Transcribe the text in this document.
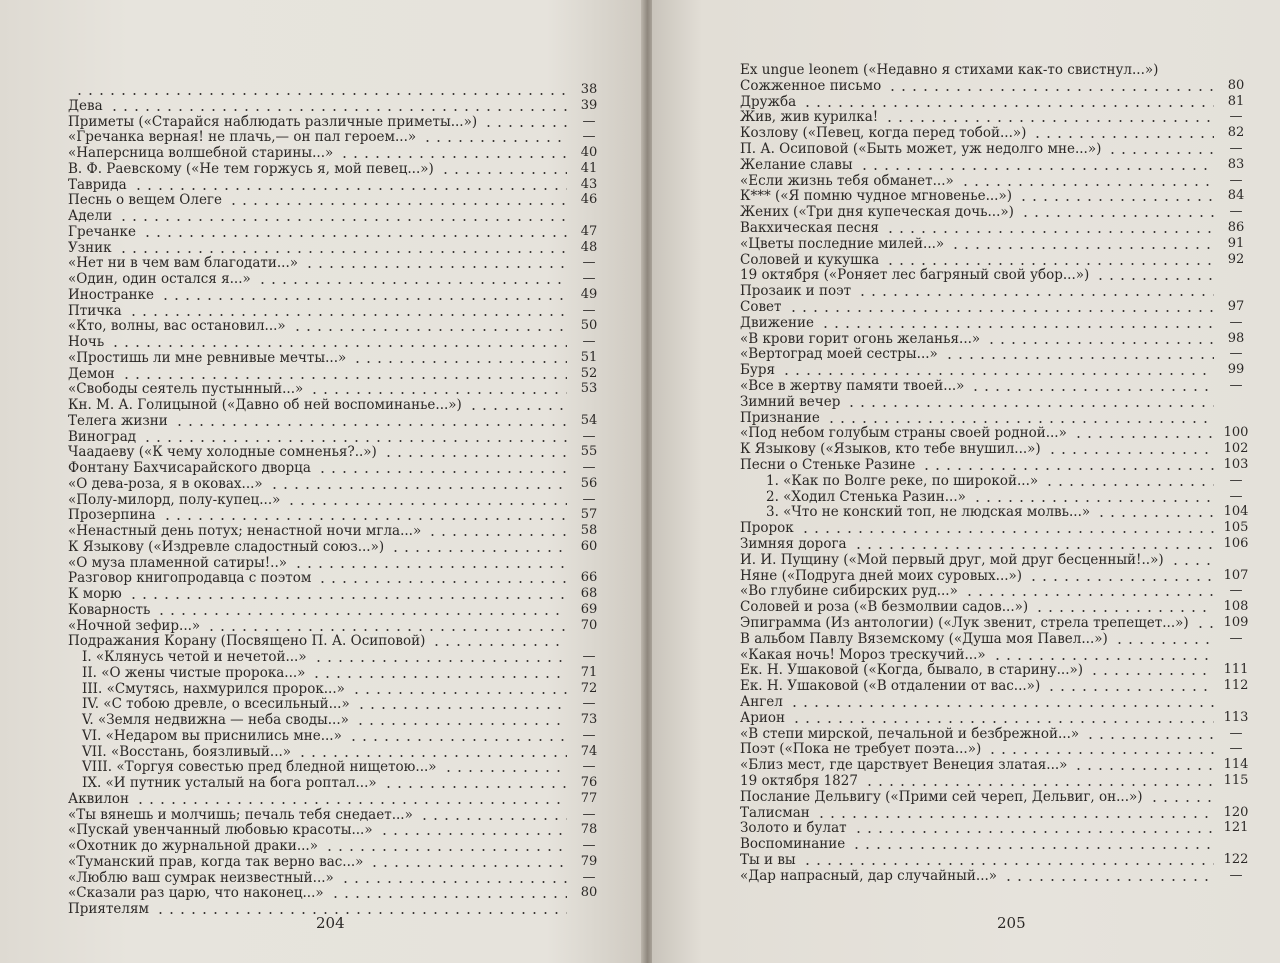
38
Дева	39
Приметы («Старайся наблюдать различные приметы...»)	—
«Гречанка верная! не плачь,— он пал героем...»	—
«Наперсница волшебной старины...»	40
В. Ф. Раевскому («Не тем горжусь я, мой певец...»)	41
Таврида	43
Песнь о вещем Олеге	46
Адели
Гречанке	47
Узник	48
«Нет ни в чем вам благодати...»	—
«Один, один остался я...»	—
Иностранке	49
Птичка	—
«Кто, волны, вас остановил...»	50
Ночь	—
«Простишь ли мне ревнивые мечты...»	51
Демон	52
«Свободы сеятель пустынный...»	53
Кн. М. А. Голицыной («Давно об ней воспоминанье...»)
Телега жизни	54
Виноград	—
Чаадаеву («К чему холодные сомненья?..»)	55
Фонтану Бахчисарайского дворца	—
«О дева-роза, я в оковах...»	56
«Полу-милорд, полу-купец...»	—
Прозерпина	57
«Ненастный день потух; ненастной ночи мгла...»	58
К Языкову («Издревле сладостный союз...»)	60
«О муза пламенной сатиры!..»
Разговор книгопродавца с поэтом	66
К морю	68
Коварность	69
«Ночной зефир...»	70
Подражания Корану (Посвящено П. А. Осиповой)
I. «Клянусь четой и нечетой...»	—
II. «О жены чистые пророка...»	71
III. «Смутясь, нахмурился пророк...»	72
IV. «С тобою древле, о всесильный...»	—
V. «Земля недвижна — неба своды...»	73
VI. «Недаром вы приснились мне...»	—
VII. «Восстань, боязливый...»	74
VIII. «Торгуя совестью пред бледной нищетою...»	—
IX. «И путник усталый на бога роптал...»	76
Аквилон	77
«Ты вянешь и молчишь; печаль тебя снедает...»	—
«Пускай увенчанный любовью красоты...»	78
«Охотник до журнальной драки...»	—
«Туманский прав, когда так верно вас...»	79
«Люблю ваш сумрак неизвестный...»	—
«Сказали раз царю, что наконец...»	80
Приятелям
204
Ex ungue leonem («Недавно я стихами как-то свистнул...»)
Сожженное письмо	80
Дружба	81
Жив, жив курилка!	—
Козлову («Певец, когда перед тобой...»)	82
П. А. Осиповой («Быть может, уж недолго мне...»)	—
Желание славы	83
«Если жизнь тебя обманет...»	—
К*** («Я помню чудное мгновенье...»)	84
Жених («Три дня купеческая дочь...»)	—
Вакхическая песня	86
«Цветы последние милей...»	91
Соловей и кукушка	92
19 октября («Роняет лес багряный свой убор...»)
Прозаик и поэт
Совет	97
Движение	—
«В крови горит огонь желанья...»	98
«Вертоград моей сестры...»	—
Буря	99
«Все в жертву памяти твоей...»	—
Зимний вечер
Признание
«Под небом голубым страны своей родной...»	100
К Языкову («Языков, кто тебе внушил...»)	102
Песни о Стеньке Разине	103
1. «Как по Волге реке, по широкой...»	—
2. «Ходил Стенька Разин...»	—
3. «Что не конский топ, не людская молвь...»	104
Пророк	105
Зимняя дорога	106
И. И. Пущину («Мой первый друг, мой друг бесценный!..»)
Няне («Подруга дней моих суровых...»)	107
«Во глубине сибирских руд...»	—
Соловей и роза («В безмолвии садов...»)	108
Эпиграмма (Из антологии) («Лук звенит, стрела трепещет...»)	109
В альбом Павлу Вяземскому («Душа моя Павел...»)	—
«Какая ночь! Мороз трескучий...»
Ек. Н. Ушаковой («Когда, бывало, в старину...»)	111
Ек. Н. Ушаковой («В отдалении от вас...»)	112
Ангел
Арион	113
«В степи мирской, печальной и безбрежной...»	—
Поэт («Пока не требует поэта...»)	—
«Близ мест, где царствует Венеция златая...»	114
19 октября 1827	115
Послание Дельвигу («Прими сей череп, Дельвиг, он...»)
Талисман	120
Золото и булат	121
Воспоминание
Ты и вы	122
«Дар напрасный, дар случайный...»	—
205
